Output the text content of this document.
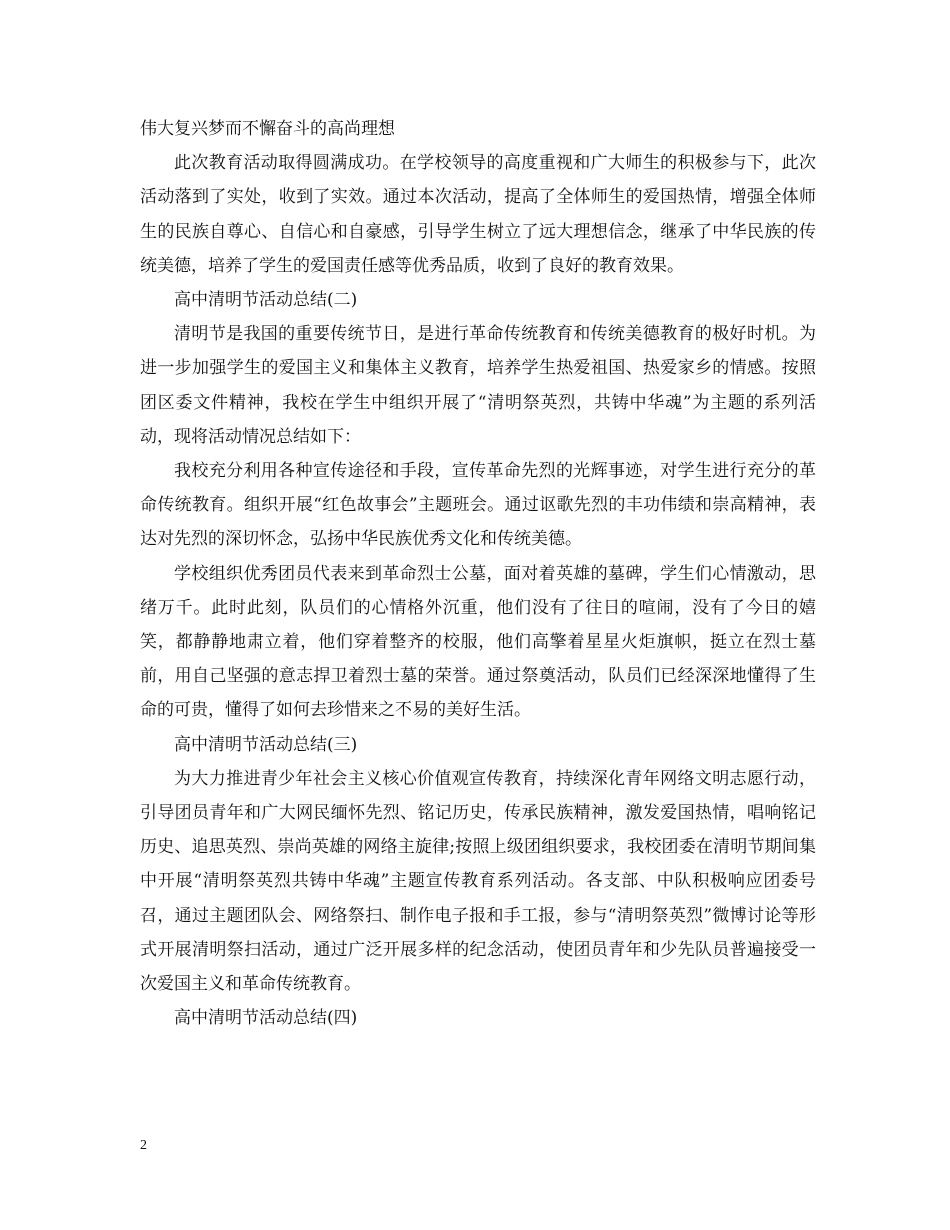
伟大复兴梦而不懈奋斗的高尚理想

此次教育活动取得圆满成功。在学校领导的高度重视和广大师生的积极参与下，此次活动落到了实处，收到了实效。通过本次活动，提高了全体师生的爱国热情，增强全体师生的民族自尊心、自信心和自豪感，引导学生树立了远大理想信念，继承了中华民族的传统美德，培养了学生的爱国责任感等优秀品质，收到了良好的教育效果。

高中清明节活动总结(二)

清明节是我国的重要传统节日，是进行革命传统教育和传统美德教育的极好时机。为进一步加强学生的爱国主义和集体主义教育，培养学生热爱祖国、热爱家乡的情感。按照团区委文件精神，我校在学生中组织开展了“清明祭英烈，共铸中华魂”为主题的系列活动，现将活动情况总结如下：

我校充分利用各种宣传途径和手段，宣传革命先烈的光辉事迹，对学生进行充分的革命传统教育。组织开展“红色故事会”主题班会。通过讴歌先烈的丰功伟绩和崇高精神，表达对先烈的深切怀念，弘扬中华民族优秀文化和传统美德。

学校组织优秀团员代表来到革命烈士公墓，面对着英雄的墓碑，学生们心情激动，思绪万千。此时此刻，队员们的心情格外沉重，他们没有了往日的喧闹，没有了今日的嬉笑，都静静地肃立着，他们穿着整齐的校服，他们高擎着星星火炬旗帜，挺立在烈士墓前，用自己坚强的意志捍卫着烈士墓的荣誉。通过祭奠活动，队员们已经深深地懂得了生命的可贵，懂得了如何去珍惜来之不易的美好生活。

高中清明节活动总结(三)

为大力推进青少年社会主义核心价值观宣传教育，持续深化青年网络文明志愿行动，引导团员青年和广大网民缅怀先烈、铭记历史，传承民族精神，激发爱国热情，唱响铭记历史、追思英烈、崇尚英雄的网络主旋律;按照上级团组织要求，我校团委在清明节期间集中开展“清明祭英烈共铸中华魂”主题宣传教育系列活动。各支部、中队积极响应团委号召，通过主题团队会、网络祭扫、制作电子报和手工报，参与“清明祭英烈”微博讨论等形式开展清明祭扫活动，通过广泛开展多样的纪念活动，使团员青年和少先队员普遍接受一次爱国主义和革命传统教育。

高中清明节活动总结(四)

2
